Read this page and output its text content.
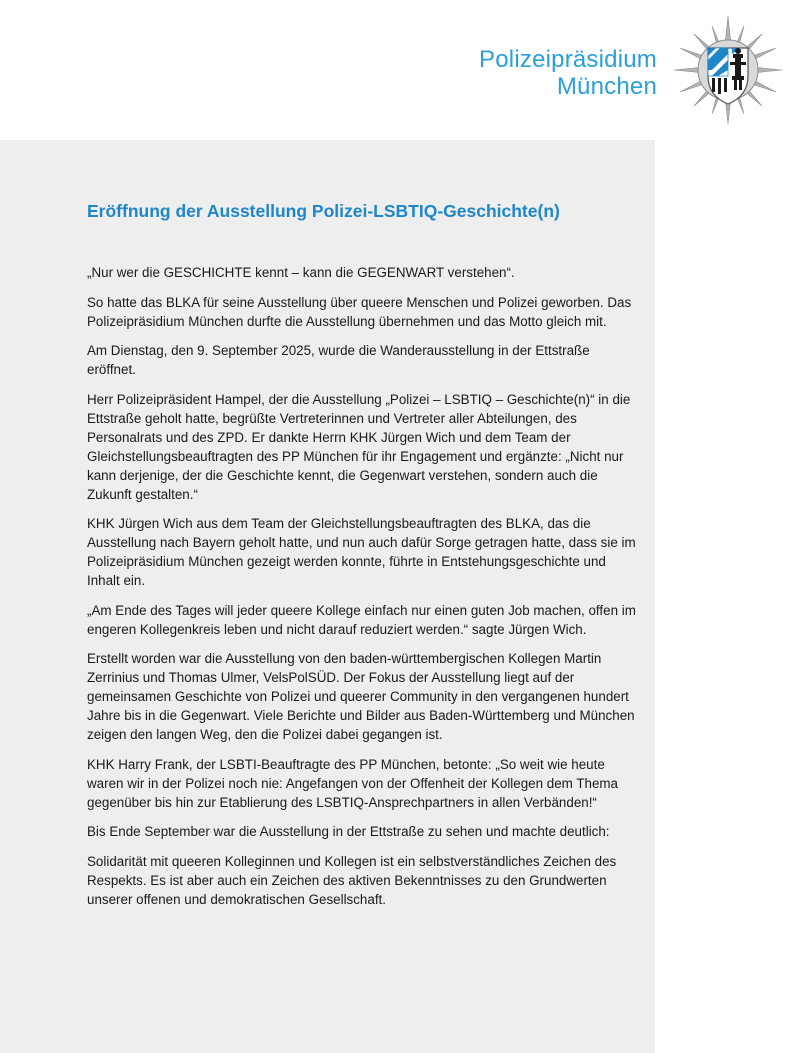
Polizeipräsidium
München
Eröffnung der Ausstellung Polizei-LSBTIQ-Geschichte(n)

„Nur wer die GESCHICHTE kennt – kann die GEGENWART verstehen“.

So hatte das BLKA für seine Ausstellung über queere Menschen und Polizei geworben. Das Polizeipräsidium München durfte die Ausstellung übernehmen und das Motto gleich mit.

Am Dienstag, den 9. September 2025, wurde die Wanderausstellung in der Ettstraße eröffnet.

Herr Polizeipräsident Hampel, der die Ausstellung „Polizei – LSBTIQ – Geschichte(n)“ in die Ettstraße geholt hatte, begrüßte Vertreterinnen und Vertreter aller Abteilungen, des Personalrats und des ZPD. Er dankte Herrn KHK Jürgen Wich und dem Team der Gleichstellungsbeauftragten des PP München für ihr Engagement und ergänzte: „Nicht nur kann derjenige, der die Geschichte kennt, die Gegenwart verstehen, sondern auch die Zukunft gestalten.“

KHK Jürgen Wich aus dem Team der Gleichstellungsbeauftragten des BLKA, das die Ausstellung nach Bayern geholt hatte, und nun auch dafür Sorge getragen hatte, dass sie im Polizeipräsidium München gezeigt werden konnte, führte in Entstehungsgeschichte und Inhalt ein.

„Am Ende des Tages will jeder queere Kollege einfach nur einen guten Job machen, offen im engeren Kollegenkreis leben und nicht darauf reduziert werden.“ sagte Jürgen Wich.

Erstellt worden war die Ausstellung von den baden-württembergischen Kollegen Martin Zerrinius und Thomas Ulmer, VelsPolSÜD. Der Fokus der Ausstellung liegt auf der gemeinsamen Geschichte von Polizei und queerer Community in den vergangenen hundert Jahre bis in die Gegenwart. Viele Berichte und Bilder aus Baden-Württemberg und München zeigen den langen Weg, den die Polizei dabei gegangen ist.

KHK Harry Frank, der LSBTI-Beauftragte des PP München, betonte: „So weit wie heute waren wir in der Polizei noch nie: Angefangen von der Offenheit der Kollegen dem Thema gegenüber bis hin zur Etablierung des LSBTIQ-Ansprechpartners in allen Verbänden!“

Bis Ende September war die Ausstellung in der Ettstraße zu sehen und machte deutlich:

Solidarität mit queeren Kolleginnen und Kollegen ist ein selbstverständliches Zeichen des Respekts. Es ist aber auch ein Zeichen des aktiven Bekenntnisses zu den Grundwerten unserer offenen und demokratischen Gesellschaft.
